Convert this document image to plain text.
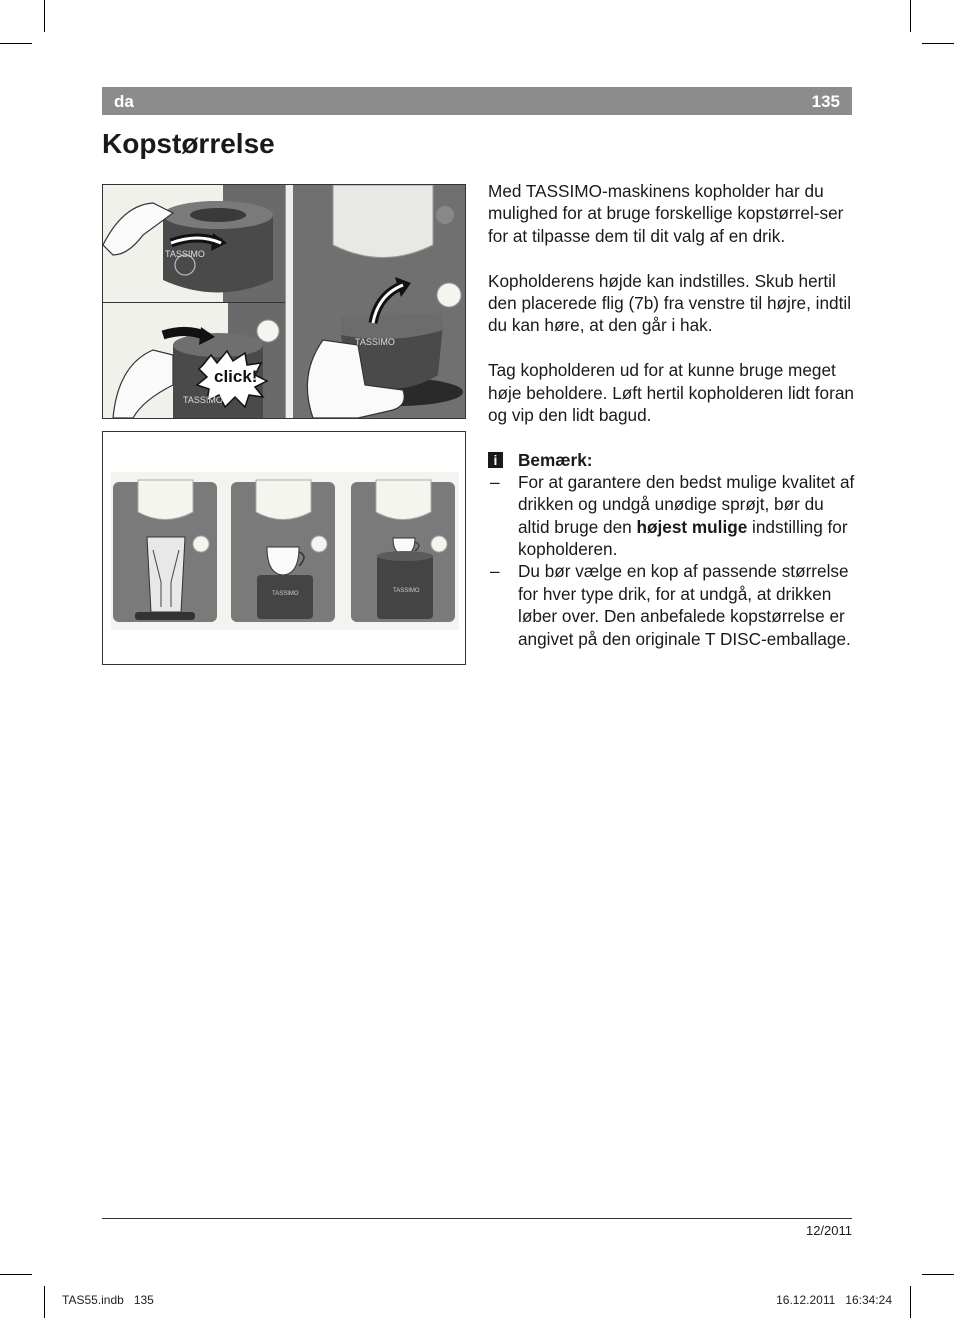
da	135
Kopstørrelse
TASSIMO
click!
TASSIMO
TASSIMO
TASSIMO	TASSIMO

Med TASSIMO-maskinens kopholder har du mulighed for at bruge forskellige kopstørrel-ser for at tilpasse dem til dit valg af en drik.

Kopholderens højde kan indstilles. Skub hertil den placerede flig (7b) fra venstre til højre, indtil du kan høre, at den går i hak.

Tag kopholderen ud for at kunne bruge meget høje beholdere. Løft hertil kopholderen lidt foran og vip den lidt bagud.

i	Bemærk:
– For at garantere den bedst mulige kvalitet af drikken og undgå unødige sprøjt, bør du altid bruge den højest mulige indstilling for kopholderen.
– Du bør vælge en kop af passende størrelse for hver type drik, for at undgå, at drikken løber over. Den anbefalede kopstørrelse er angivet på den originale T DISC-emballage.
12/2011
TAS55.indb   135	16.12.2011   16:34:24
